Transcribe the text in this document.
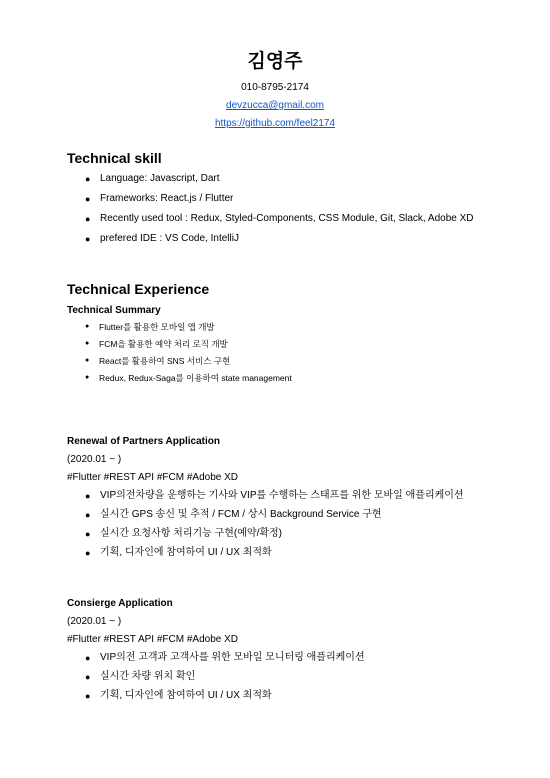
김영주
010-8795-2174
devzucca@gmail.com
https://github.com/feel2174
Technical skill
● Language: Javascript, Dart
● Frameworks: React.js / Flutter
● Recently used tool : Redux, Styled-Components, CSS Module, Git, Slack, Adobe XD
● prefered IDE : VS Code, IntelliJ
Technical Experience
Technical Summary
● Flutter를 활용한 모바일 앱 개발
● FCM을 활용한 예약 처리 로직 개발
● React를 활용하여 SNS 서비스 구현
● Redux, Redux-Saga를 이용하여 state management
Renewal of Partners Application
(2020.01 ~ )
#Flutter #REST API #FCM #Adobe XD
● VIP의전차량을 운행하는 기사와 VIP를 수행하는 스태프를 위한 모바일 애플리케이션
● 실시간 GPS 송신 및 추적 / FCM / 상시 Background Service 구현
● 실시간 요청사항 처리기능 구현(예약/확정)
● 기획, 디자인에 참여하여 UI / UX 최적화
Consierge Application
(2020.01 ~ )
#Flutter #REST API #FCM #Adobe XD
● VIP의전 고객과 고객사를 위한 모바일 모니터링 애플리케이션
● 실시간 차량 위치 확인
● 기획, 디자인에 참여하여 UI / UX 최적화
